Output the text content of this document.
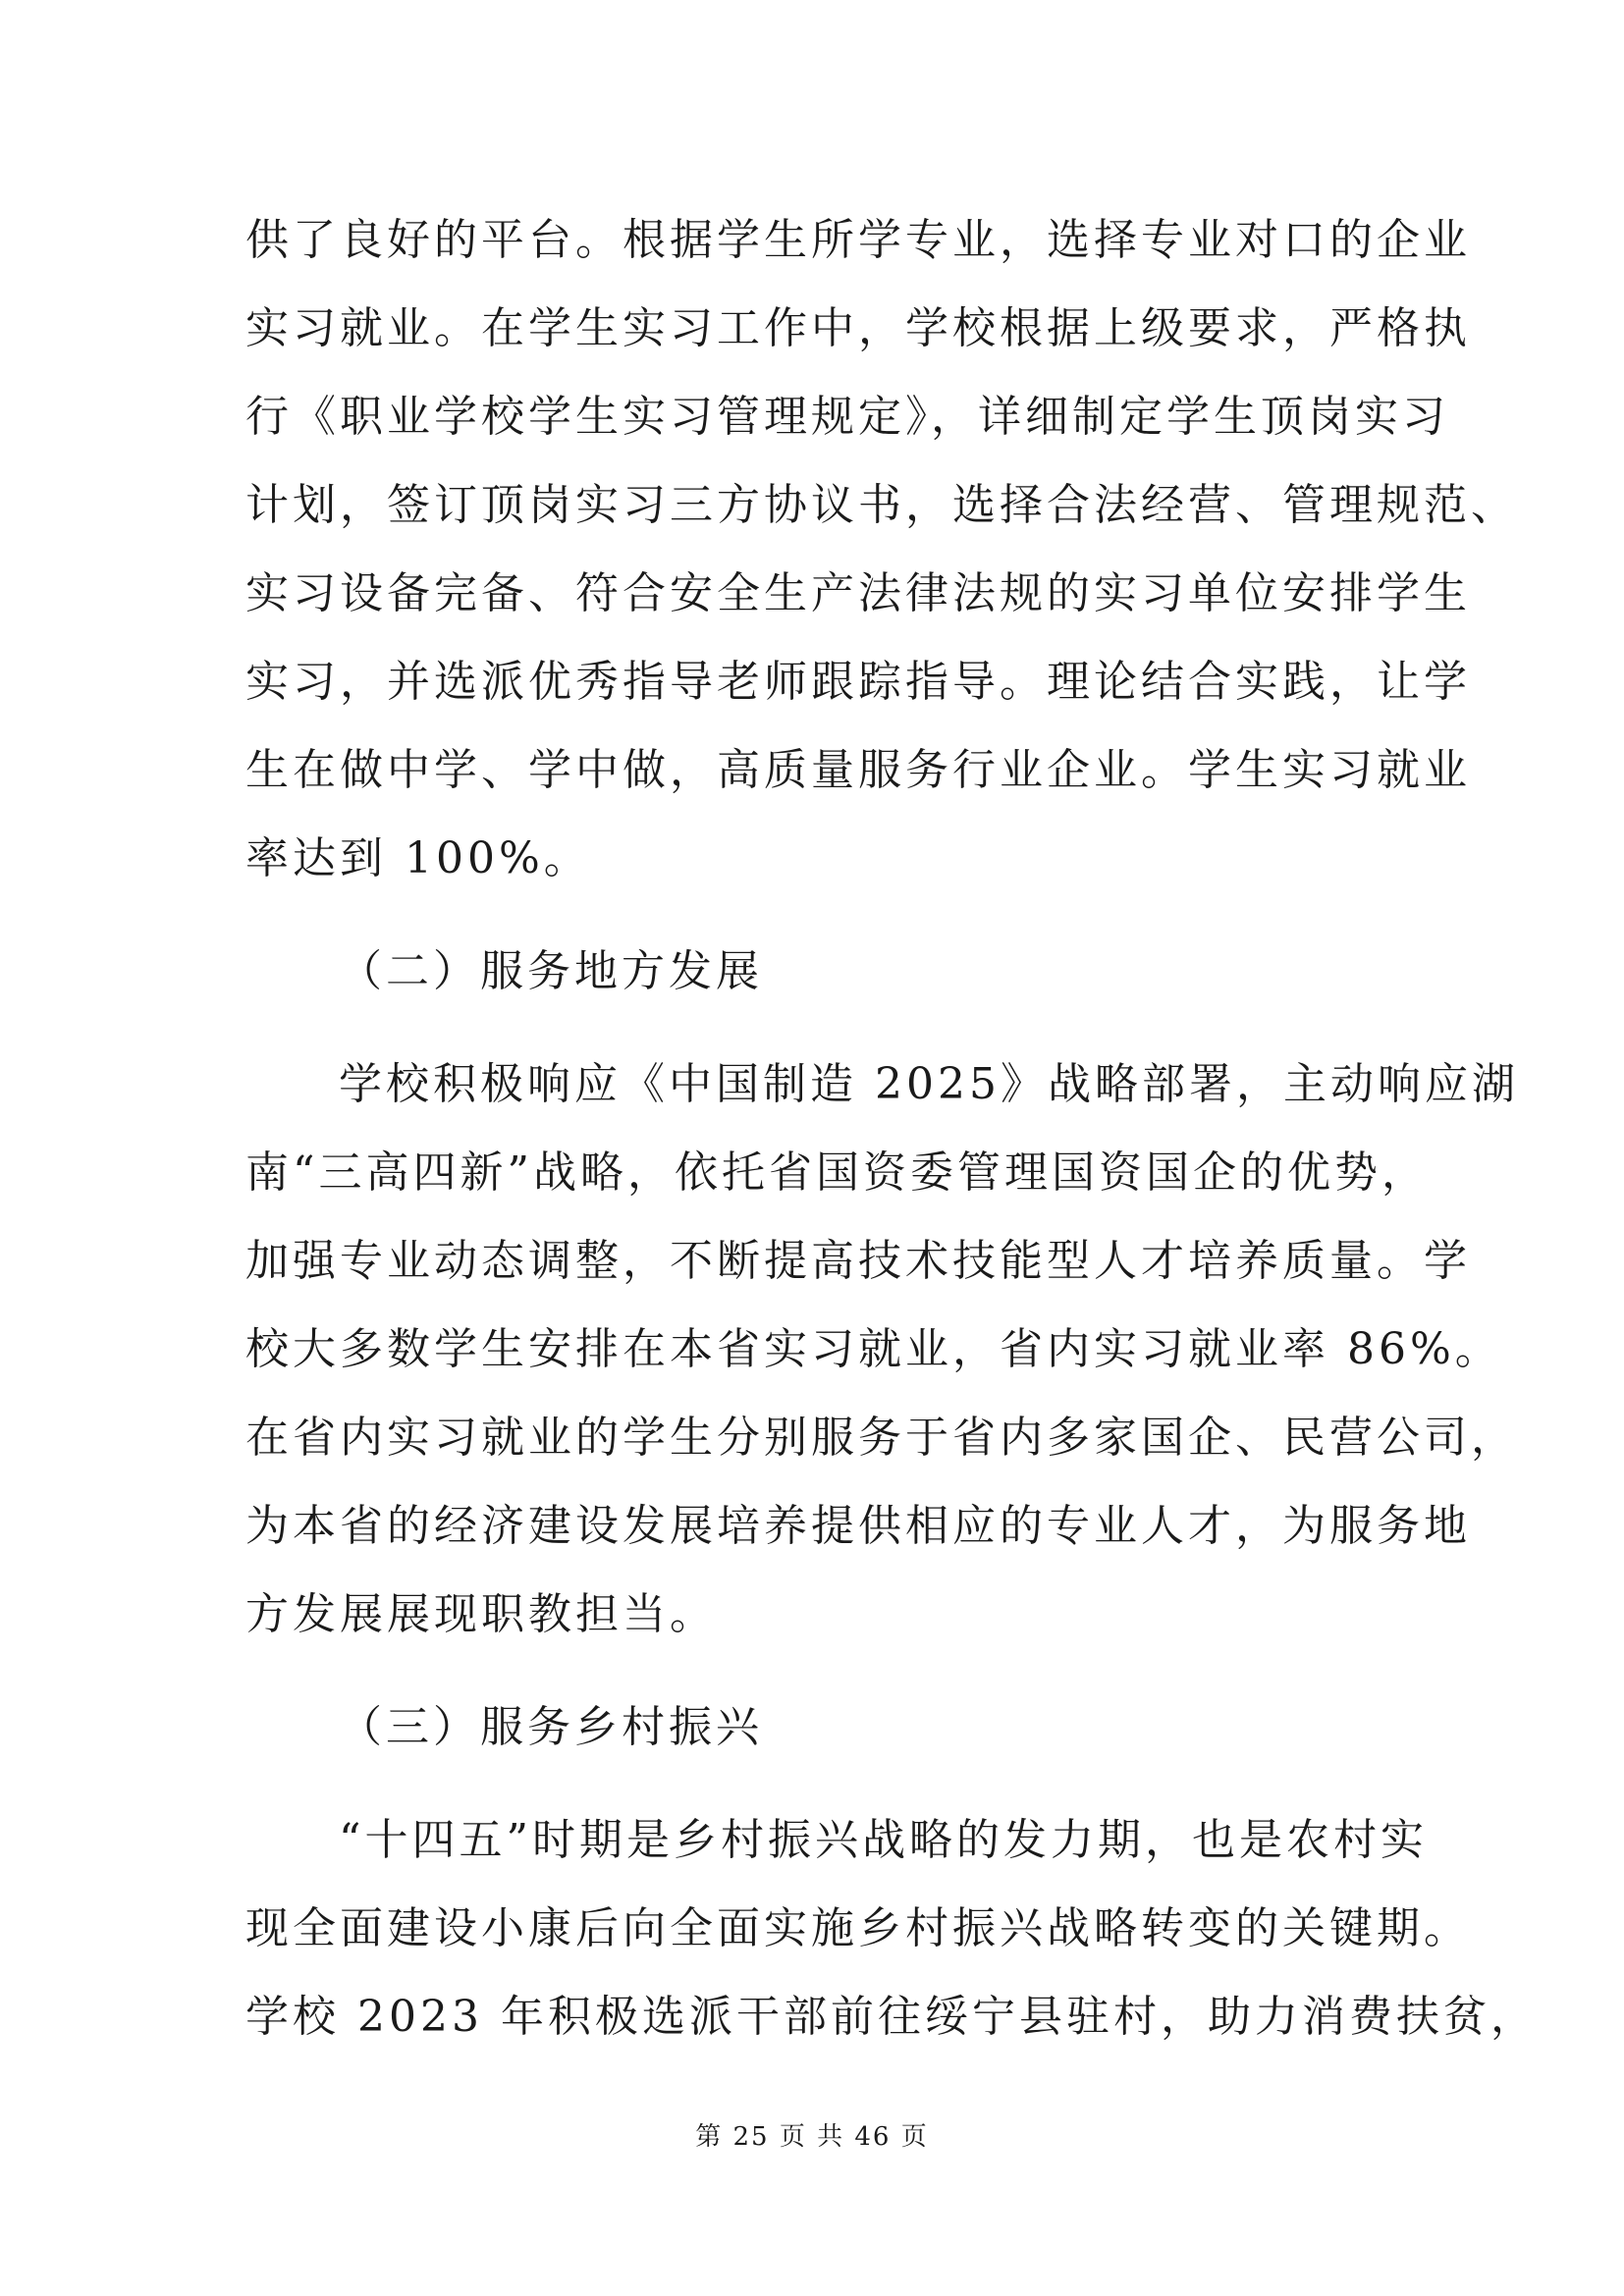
供了良好的平台。根据学生所学专业，选择专业对口的企业

实习就业。在学生实习工作中，学校根据上级要求，严格执

行《职业学校学生实习管理规定》，详细制定学生顶岗实习

计划，签订顶岗实习三方协议书，选择合法经营、管理规范、

实习设备完备、符合安全生产法律法规的实习单位安排学生

实习，并选派优秀指导老师跟踪指导。理论结合实践，让学

生在做中学、学中做，高质量服务行业企业。学生实习就业

率达到 100%。

（二）服务地方发展

学校积极响应《中国制造 2025》战略部署，主动响应湖

南“三高四新”战略，依托省国资委管理国资国企的优势，

加强专业动态调整，不断提高技术技能型人才培养质量。学

校大多数学生安排在本省实习就业，省内实习就业率 86%。

在省内实习就业的学生分别服务于省内多家国企、民营公司，

为本省的经济建设发展培养提供相应的专业人才，为服务地

方发展展现职教担当。

（三）服务乡村振兴

“十四五”时期是乡村振兴战略的发力期，也是农村实

现全面建设小康后向全面实施乡村振兴战略转变的关键期。

学校 2023 年积极选派干部前往绥宁县驻村，助力消费扶贫，

第 25 页 共 46 页
